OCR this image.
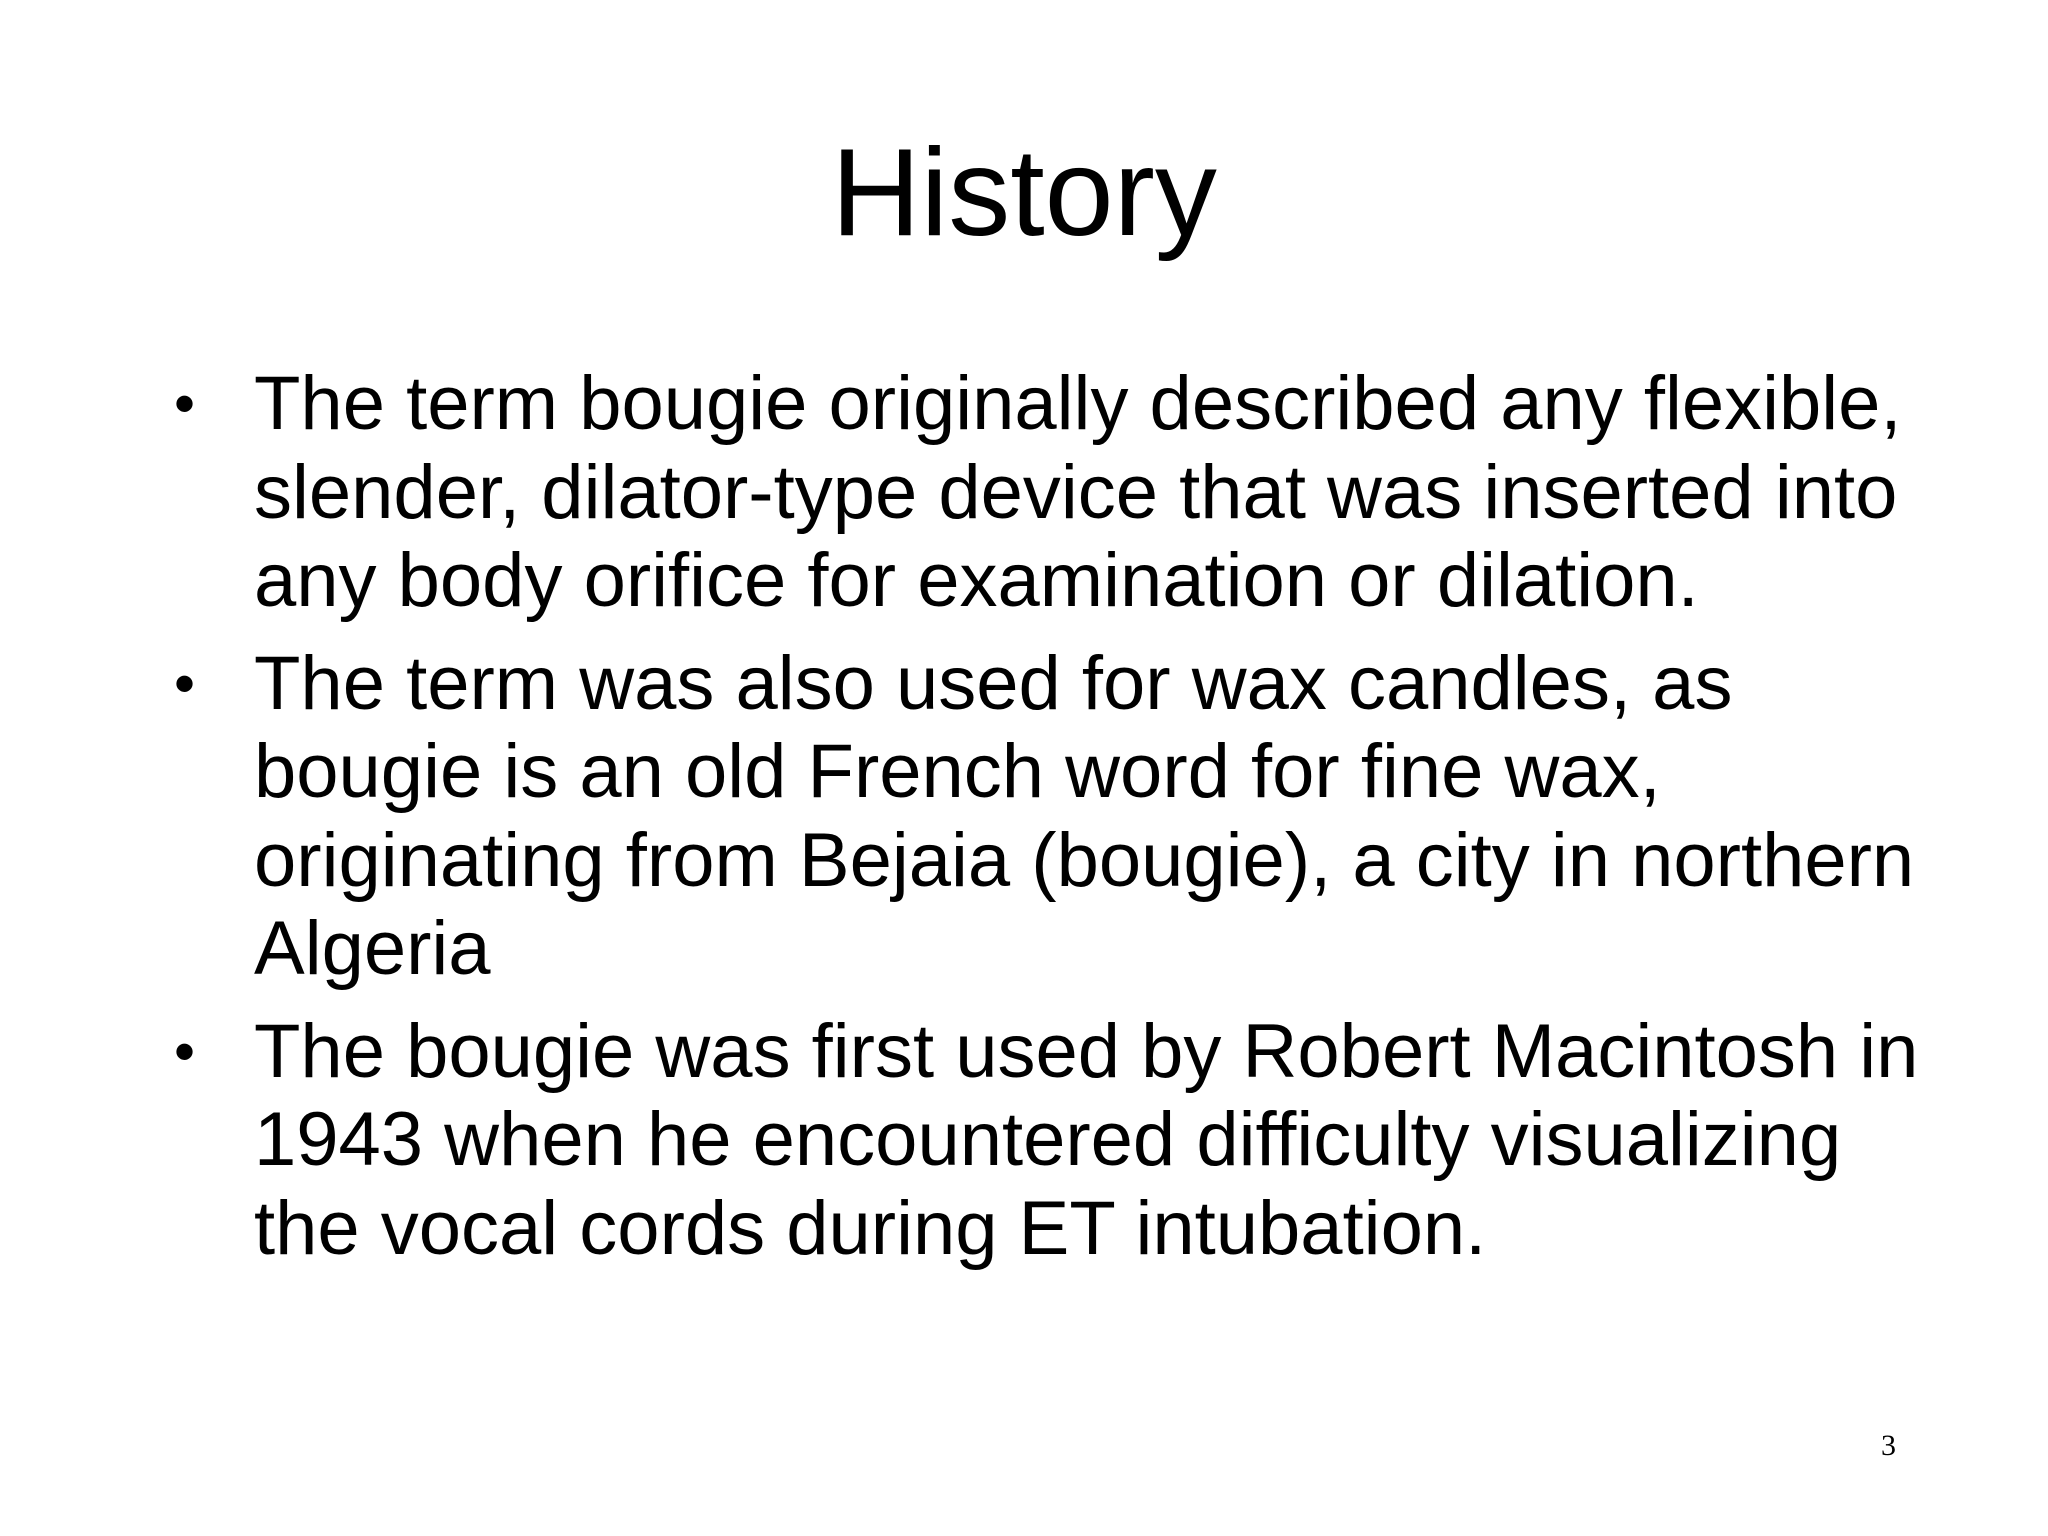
History
• The term bougie originally described any flexible, slender, dilator-type device that was inserted into any body orifice for examination or dilation.
• The term was also used for wax candles, as bougie is an old French word for fine wax, originating from Bejaia (bougie), a city in northern Algeria
• The bougie was first used by Robert Macintosh in 1943 when he encountered difficulty visualizing the vocal cords during ET intubation.
3
